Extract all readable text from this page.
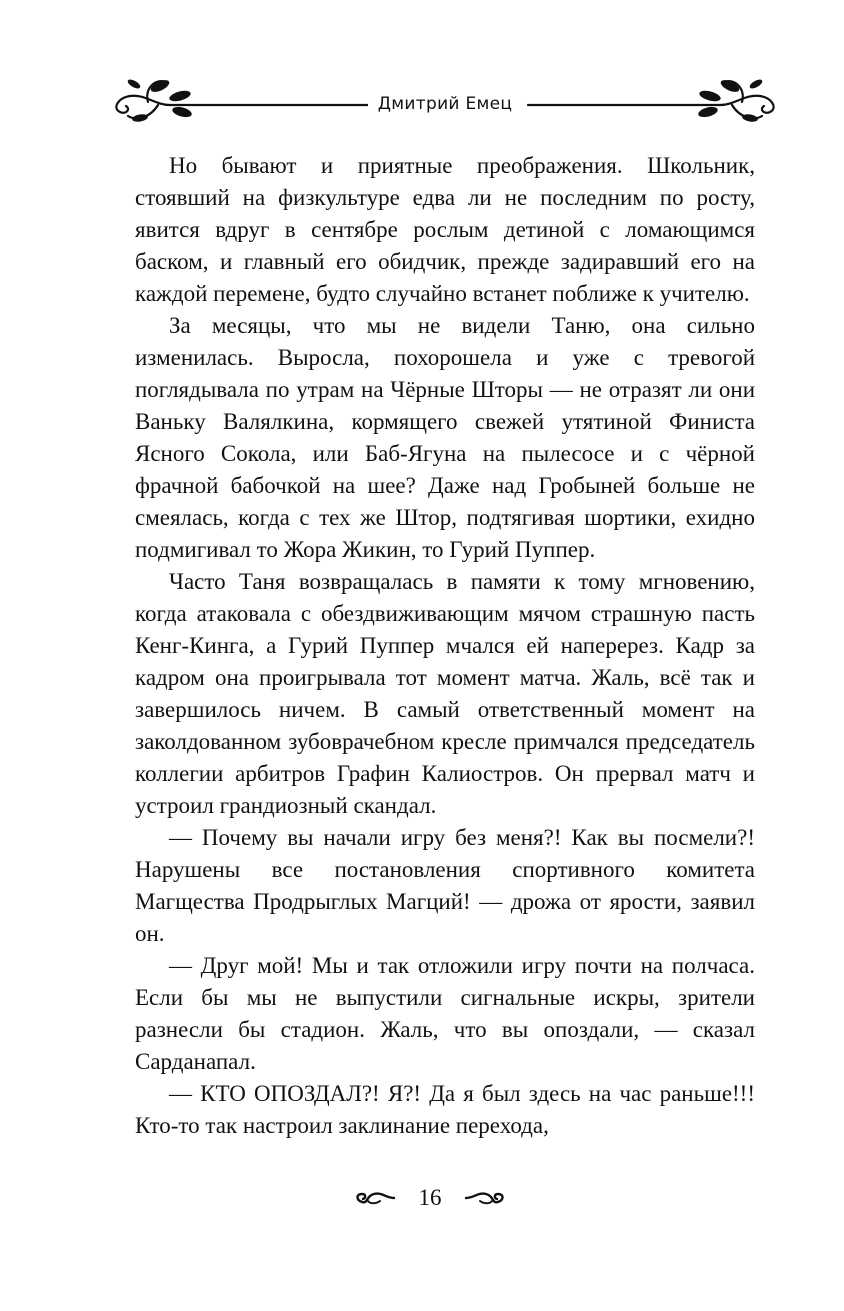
Дмитрий Емец

Но бывают и приятные преображения. Школьник, стоявший на физкультуре едва ли не последним по росту, явится вдруг в сентябре рослым детиной с ломающимся баском, и главный его обидчик, прежде задиравший его на каждой перемене, будто случайно встанет поближе к учителю.

За месяцы, что мы не видели Таню, она сильно изменилась. Выросла, похорошела и уже с тревогой поглядывала по утрам на Чёрные Шторы — не отразят ли они Ваньку Валялкина, кормящего свежей утятиной Финиста Ясного Сокола, или Баб-Ягуна на пылесосе и с чёрной фрачной бабочкой на шее? Даже над Гробыней больше не смеялась, когда с тех же Штор, подтягивая шортики, ехидно подмигивал то Жора Жикин, то Гурий Пуппер.

Часто Таня возвращалась в памяти к тому мгновению, когда атаковала с обездвиживающим мячом страшную пасть Кенг-Кинга, а Гурий Пуппер мчался ей наперерез. Кадр за кадром она проигрывала тот момент матча. Жаль, всё так и завершилось ничем. В самый ответственный момент на заколдованном зубоврачебном кресле примчался председатель коллегии арбитров Графин Калиостров. Он прервал матч и устроил грандиозный скандал.

— Почему вы начали игру без меня?! Как вы посмели?! Нарушены все постановления спортивного комитета Магщества Продрыглых Магций! — дрожа от ярости, заявил он.

— Друг мой! Мы и так отложили игру почти на полчаса. Если бы мы не выпустили сигнальные искры, зрители разнесли бы стадион. Жаль, что вы опоздали, — сказал Сарданапал.

— КТО ОПОЗДАЛ?! Я?! Да я был здесь на час раньше!!! Кто-то так настроил заклинание перехода,

16
